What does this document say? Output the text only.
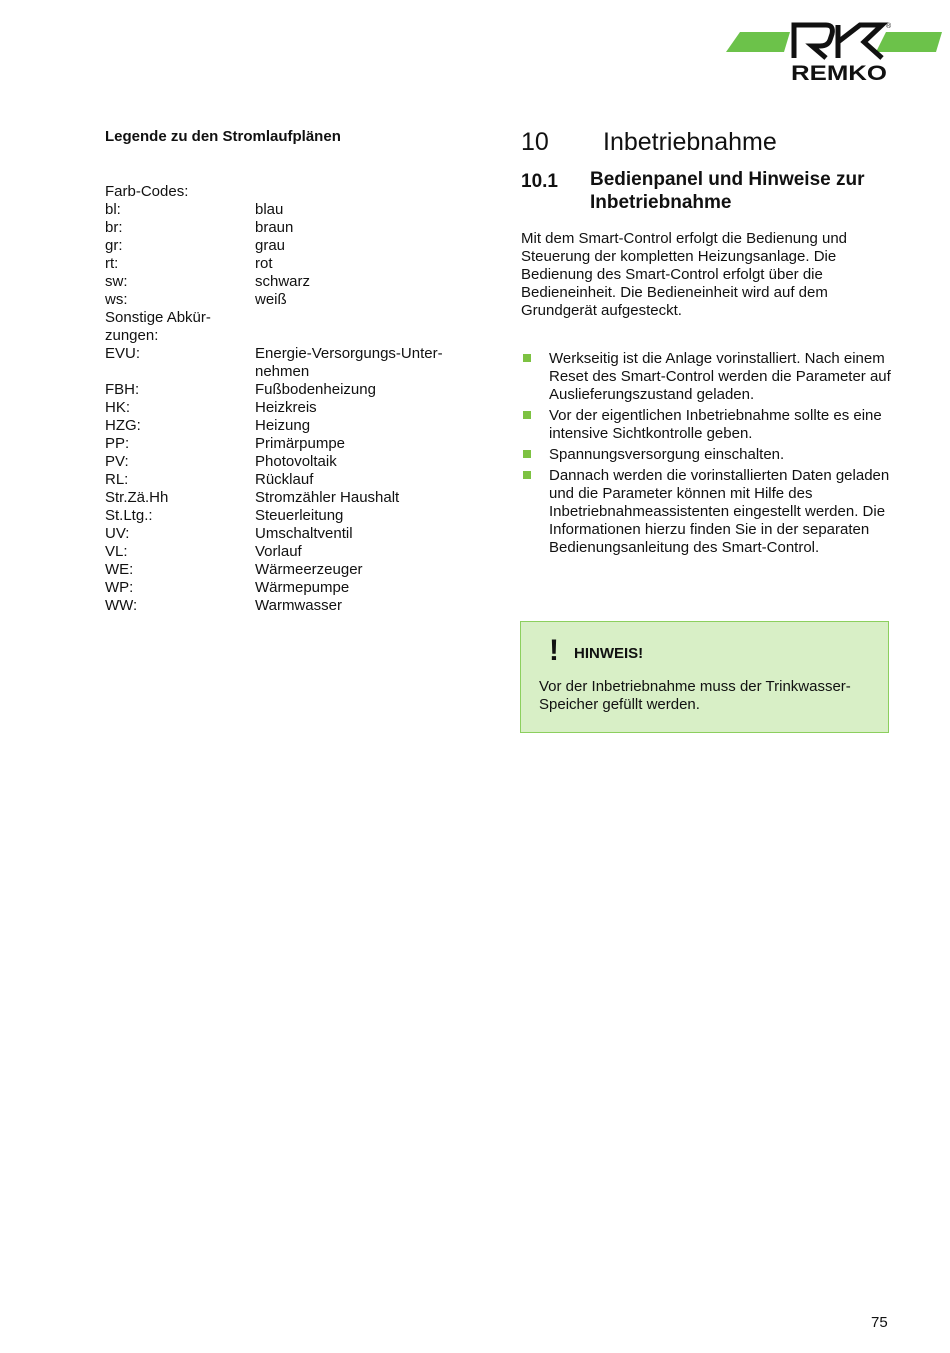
®
REMKO
Legende zu den Stromlaufplänen
Farb-Codes:
bl:	blau
br:	braun
gr:	grau
rt:	rot
sw:	schwarz
ws:	weiß
Sonstige Abkür-zungen:
EVU:	Energie-Versorgungs-Unter-nehmen
FBH:	Fußbodenheizung
HK:	Heizkreis
HZG:	Heizung
PP:	Primärpumpe
PV:	Photovoltaik
RL:	Rücklauf
Str.Zä.Hh	Stromzähler Haushalt
St.Ltg.:	Steuerleitung
UV:	Umschaltventil
VL:	Vorlauf
WE:	Wärmeerzeuger
WP:	Wärmepumpe
WW:	Warmwasser
10	Inbetriebnahme
10.1	Bedienpanel und Hinweise zur Inbetriebnahme

Mit dem Smart-Control erfolgt die Bedienung und Steuerung der kompletten Heizungsanlage. Die Bedienung des Smart-Control erfolgt über die Bedieneinheit. Die Bedieneinheit wird auf dem Grundgerät aufgesteckt.

Werkseitig ist die Anlage vorinstalliert. Nach einem Reset des Smart-Control werden die Parameter auf Auslieferungszustand geladen.
Vor der eigentlichen Inbetriebnahme sollte es eine intensive Sichtkontrolle geben.
Spannungsversorgung einschalten.
Dannach werden die vorinstallierten Daten geladen und die Parameter können mit Hilfe des Inbetriebnahmeassistenten eingestellt werden. Die Informationen hierzu finden Sie in der separaten Bedienungsanleitung des Smart-Control.
! HINWEIS!
Vor der Inbetriebnahme muss der Trinkwasser-Speicher gefüllt werden.
75
